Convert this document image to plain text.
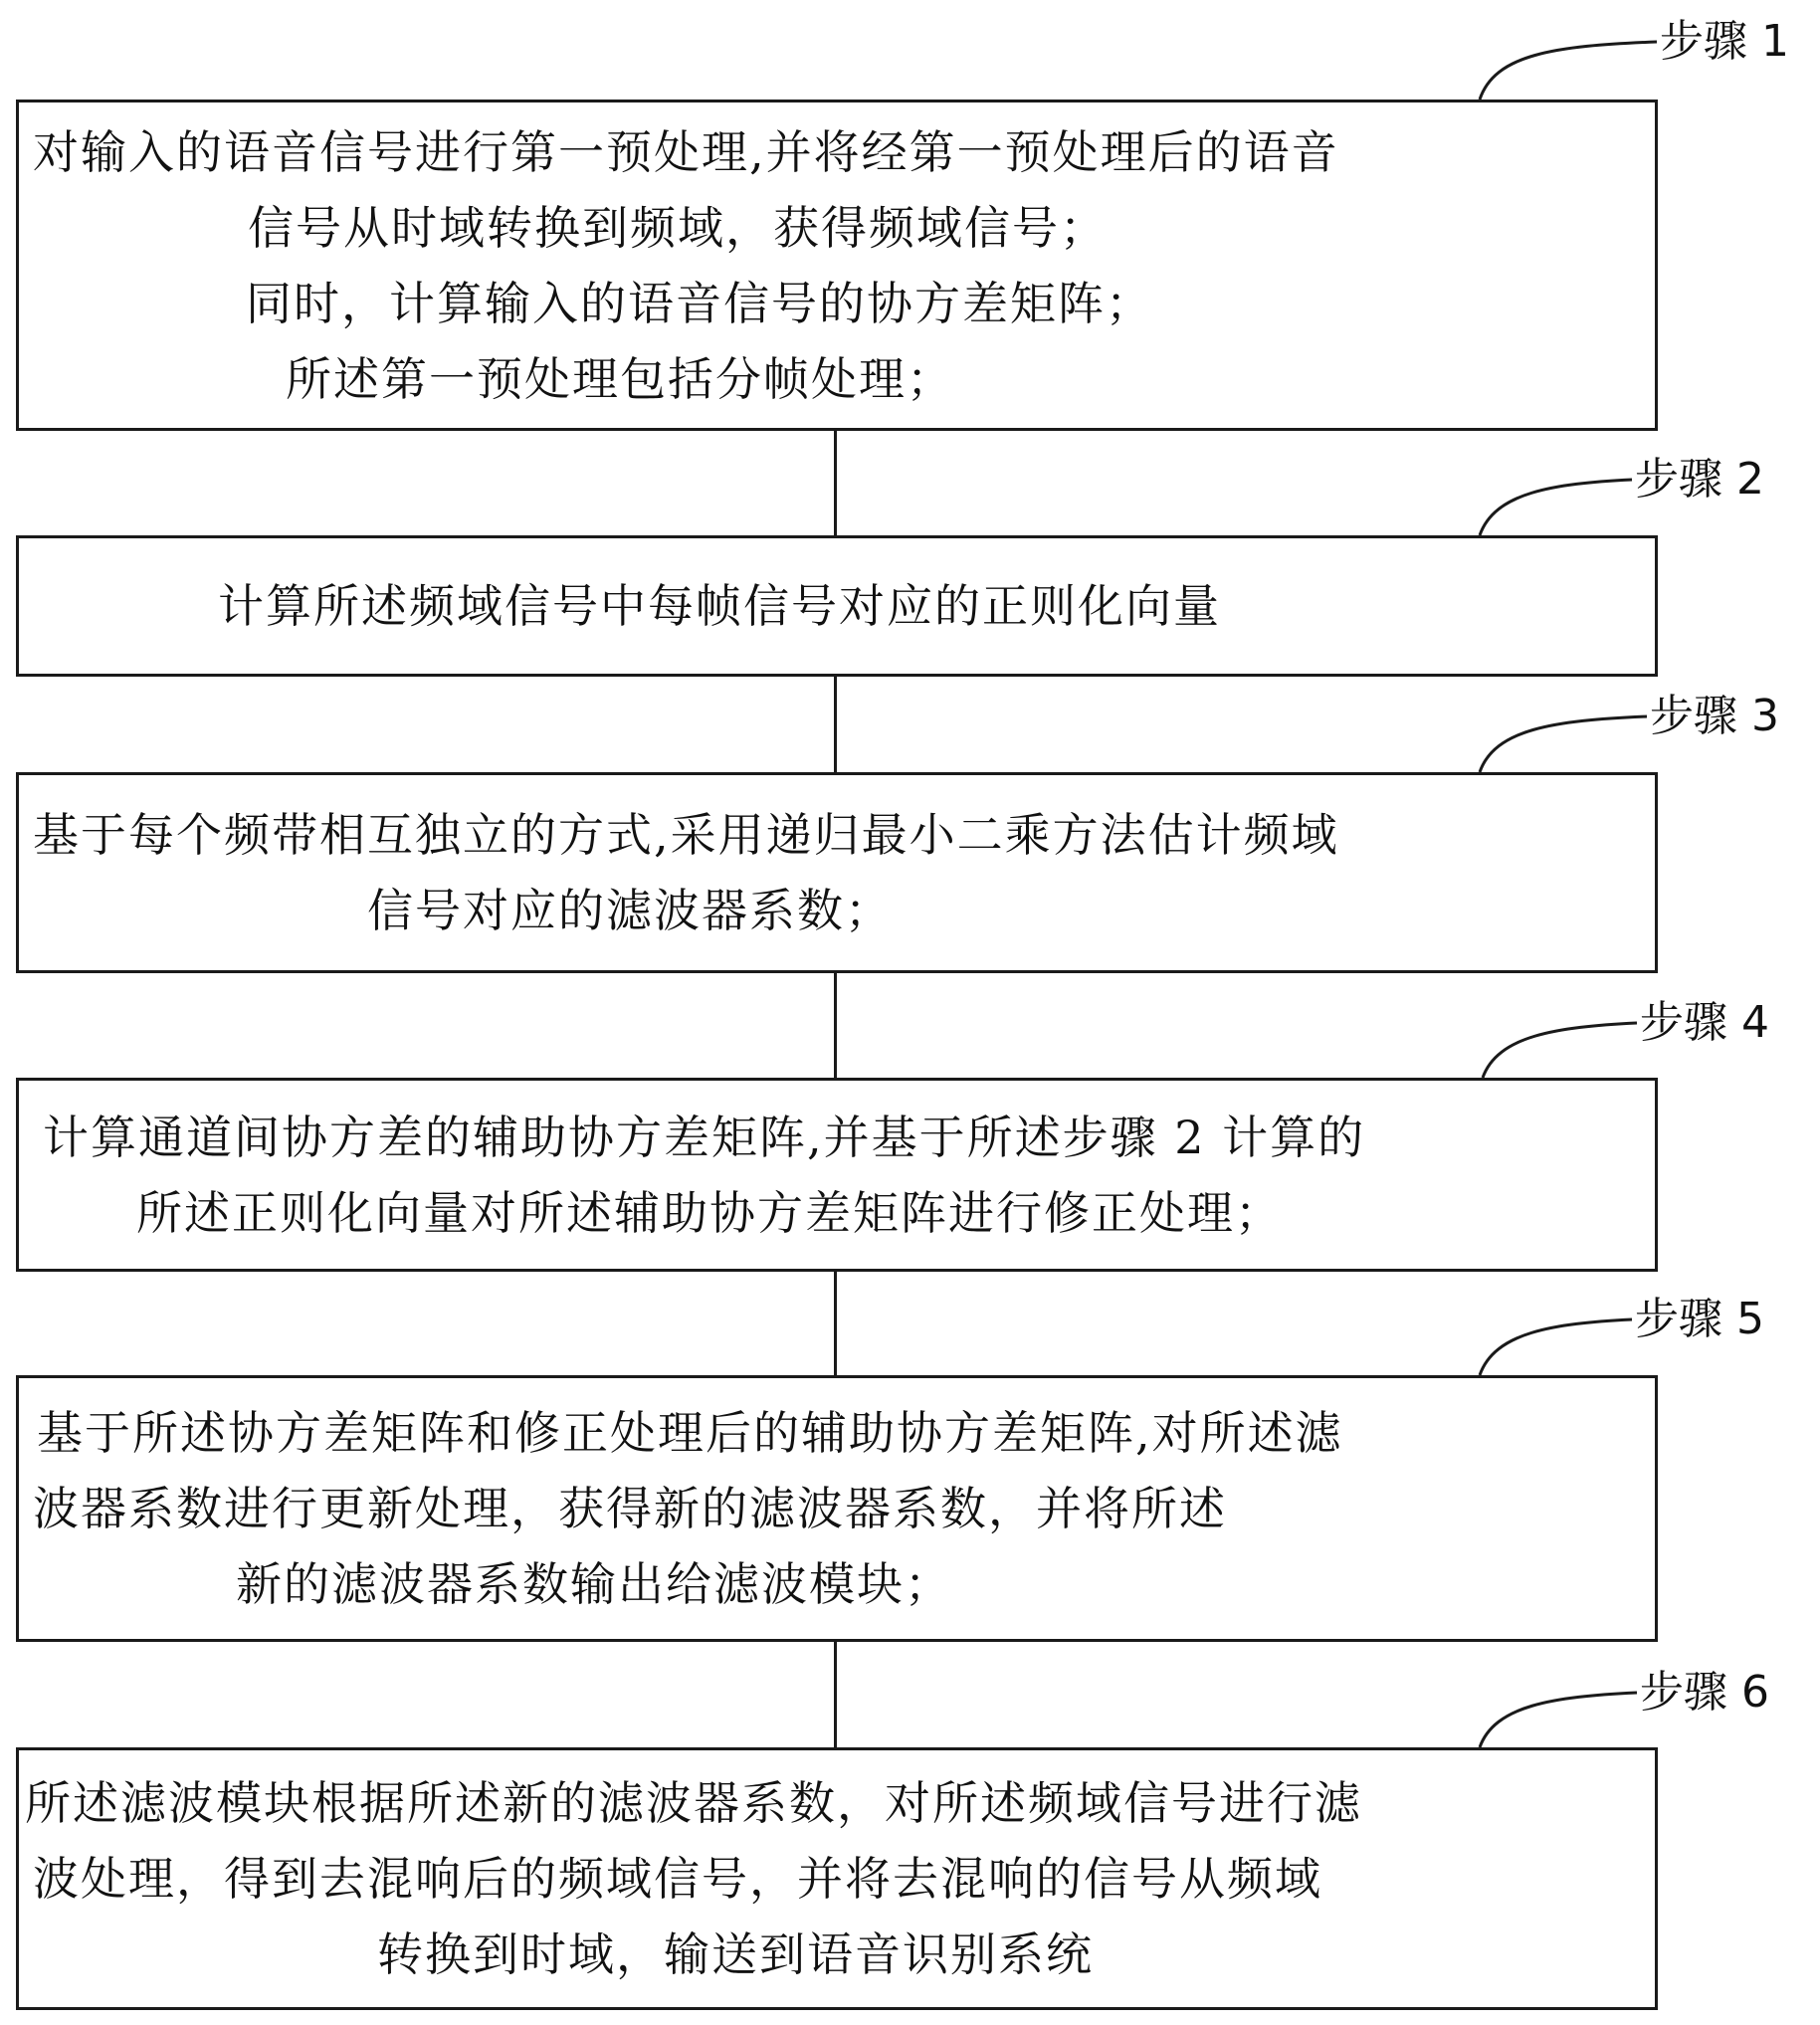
步骤 1
步骤 2
步骤 3
步骤 4
步骤 5
步骤 6
对输入的语音信号进行第一预处理,并将经第一预处理后的语音
信号从时域转换到频域，获得频域信号；
同时，计算输入的语音信号的协方差矩阵；
所述第一预处理包括分帧处理；
计算所述频域信号中每帧信号对应的正则化向量
基于每个频带相互独立的方式,采用递归最小二乘方法估计频域
信号对应的滤波器系数；
计算通道间协方差的辅助协方差矩阵,并基于所述步骤 2 计算的
所述正则化向量对所述辅助协方差矩阵进行修正处理；
基于所述协方差矩阵和修正处理后的辅助协方差矩阵,对所述滤
波器系数进行更新处理，获得新的滤波器系数，并将所述
新的滤波器系数输出给滤波模块；
所述滤波模块根据所述新的滤波器系数，对所述频域信号进行滤
波处理，得到去混响后的频域信号，并将去混响的信号从频域
转换到时域，输送到语音识别系统
